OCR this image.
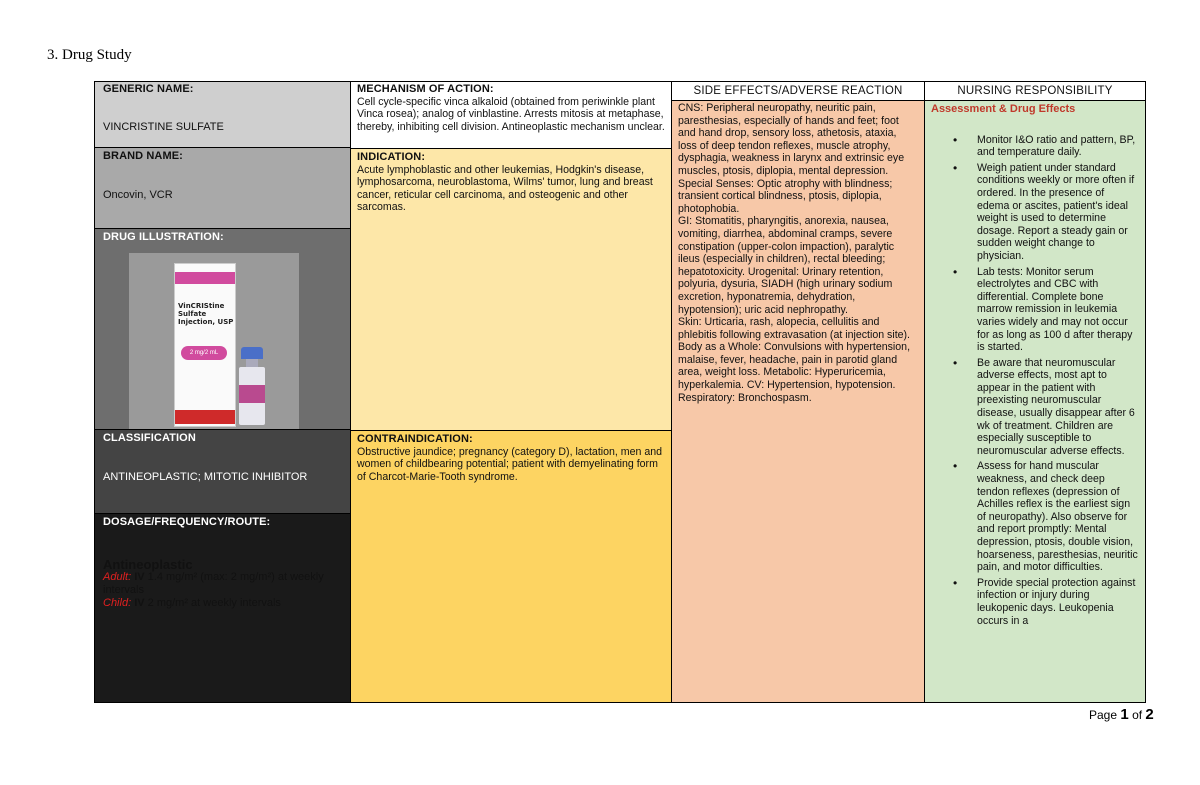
3. Drug Study
GENERIC NAME:
VINCRISTINE SULFATE
BRAND NAME:
Oncovin, VCR
DRUG ILLUSTRATION:
VinCRIStine
Sulfate
Injection, USP
2 mg/2 mL
CLASSIFICATION
ANTINEOPLASTIC; MITOTIC INHIBITOR
DOSAGE/FREQUENCY/ROUTE:
Antineoplastic
Adult: IV 1.4 mg/m² (max: 2 mg/m²) at weekly intervals
Child: IV 2 mg/m² at weekly intervals
MECHANISM OF ACTION:
Cell cycle-specific vinca alkaloid (obtained from periwinkle plant Vinca rosea); analog of vinblastine. Arrests mitosis at metaphase, thereby, inhibiting cell division. Antineoplastic mechanism unclear.
INDICATION:
Acute lymphoblastic and other leukemias, Hodgkin's disease, lymphosarcoma, neuroblastoma, Wilms' tumor, lung and breast cancer, reticular cell carcinoma, and osteogenic and other sarcomas.
CONTRAINDICATION:
Obstructive jaundice; pregnancy (category D), lactation, men and women of childbearing potential; patient with demyelinating form of Charcot-Marie-Tooth syndrome.
SIDE EFFECTS/ADVERSE REACTION
CNS: Peripheral neuropathy, neuritic pain, paresthesias, especially of hands and feet; foot and hand drop, sensory loss, athetosis, ataxia, loss of deep tendon reflexes, muscle atrophy, dysphagia, weakness in larynx and extrinsic eye muscles, ptosis, diplopia, mental depression.
Special Senses: Optic atrophy with blindness; transient cortical blindness, ptosis, diplopia, photophobia.
GI: Stomatitis, pharyngitis, anorexia, nausea, vomiting, diarrhea, abdominal cramps, severe constipation (upper-colon impaction), paralytic ileus (especially in children), rectal bleeding; hepatotoxicity. Urogenital: Urinary retention, polyuria, dysuria, SIADH (high urinary sodium excretion, hyponatremia, dehydration, hypotension); uric acid nephropathy.
Skin: Urticaria, rash, alopecia, cellulitis and phlebitis following extravasation (at injection site).
Body as a Whole: Convulsions with hypertension, malaise, fever, headache, pain in parotid gland area, weight loss. Metabolic: Hyperuricemia, hyperkalemia. CV: Hypertension, hypotension. Respiratory: Bronchospasm.
NURSING RESPONSIBILITY
Assessment & Drug Effects
• Monitor I&O ratio and pattern, BP, and temperature daily.
• Weigh patient under standard conditions weekly or more often if ordered. In the presence of edema or ascites, patient's ideal weight is used to determine dosage. Report a steady gain or sudden weight change to physician.
• Lab tests: Monitor serum electrolytes and CBC with differential. Complete bone marrow remission in leukemia varies widely and may not occur for as long as 100 d after therapy is started.
• Be aware that neuromuscular adverse effects, most apt to appear in the patient with preexisting neuromuscular disease, usually disappear after 6 wk of treatment. Children are especially susceptible to neuromuscular adverse effects.
• Assess for hand muscular weakness, and check deep tendon reflexes (depression of Achilles reflex is the earliest sign of neuropathy). Also observe for and report promptly: Mental depression, ptosis, double vision, hoarseness, paresthesias, neuritic pain, and motor difficulties.
• Provide special protection against infection or injury during leukopenic days. Leukopenia occurs in a
Page 1 of 2
